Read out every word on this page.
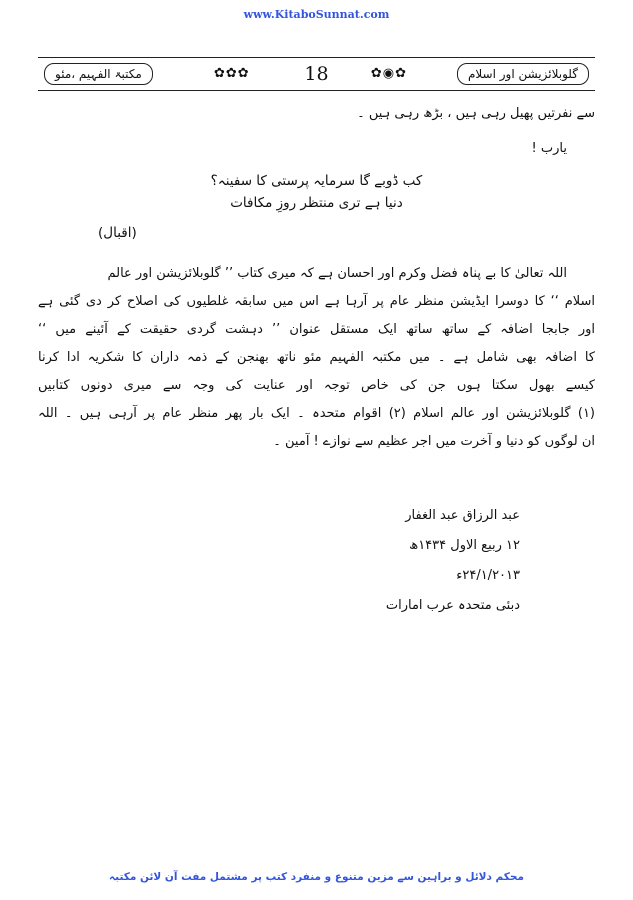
www.KitaboSunnat.com
گلوبلائزیشن اور اسلام
✿◉✿
18
✿✿✿
مکتبۃ الفہیم ،مئو
سے نفرتیں پھیل رہی ہیں ، بڑھ رہی ہیں ۔
یارب !
کب ڈوبے گا سرمایہ پرستی کا سفینہ؟
دنیا ہے تری منتظر روزِ مکافات
(اقبال)
اللہ تعالیٰ کا بے پناہ فضل وکرم اور احسان ہے کہ میری کتاب ’’ گلوبلائزیشن اور عالم
اسلام ‘‘ کا دوسرا ایڈیشن منظر عام پر آرہا ہے اس میں سابقہ غلطیوں کی اصلاح کر دی گئی ہے
اور جابجا اضافہ کے ساتھ ساتھ ایک مستقل عنوان ’’ دہشت گردی حقیقت کے آئینے میں ‘‘
کا اضافہ بھی شامل ہے ۔ میں مکتبہ الفہیم مئو ناتھ بھنجن کے ذمہ داران کا شکریہ ادا کرنا
کیسے بھول سکتا ہوں جن کی خاص توجہ اور عنایت کی وجہ سے میری دونوں کتابیں
(۱) گلوبلائزیشن اور عالم اسلام (۲) اقوام متحدہ ۔ ایک بار پھر منظر عام پر آرہی ہیں ۔ اللہ
ان لوگوں کو دنیا و آخرت میں اجر عظیم سے نوازے ! آمین ۔
عبد الرزاق عبد الغفار
۱۲ ربیع الاول ۱۴۳۴ھ
۲۴/۱/۲۰۱۳ء
دبئی متحدہ عرب امارات
محکم دلائل و براہین سے مزین متنوع و منفرد کتب پر مشتمل مفت آن لائن مکتبہ
